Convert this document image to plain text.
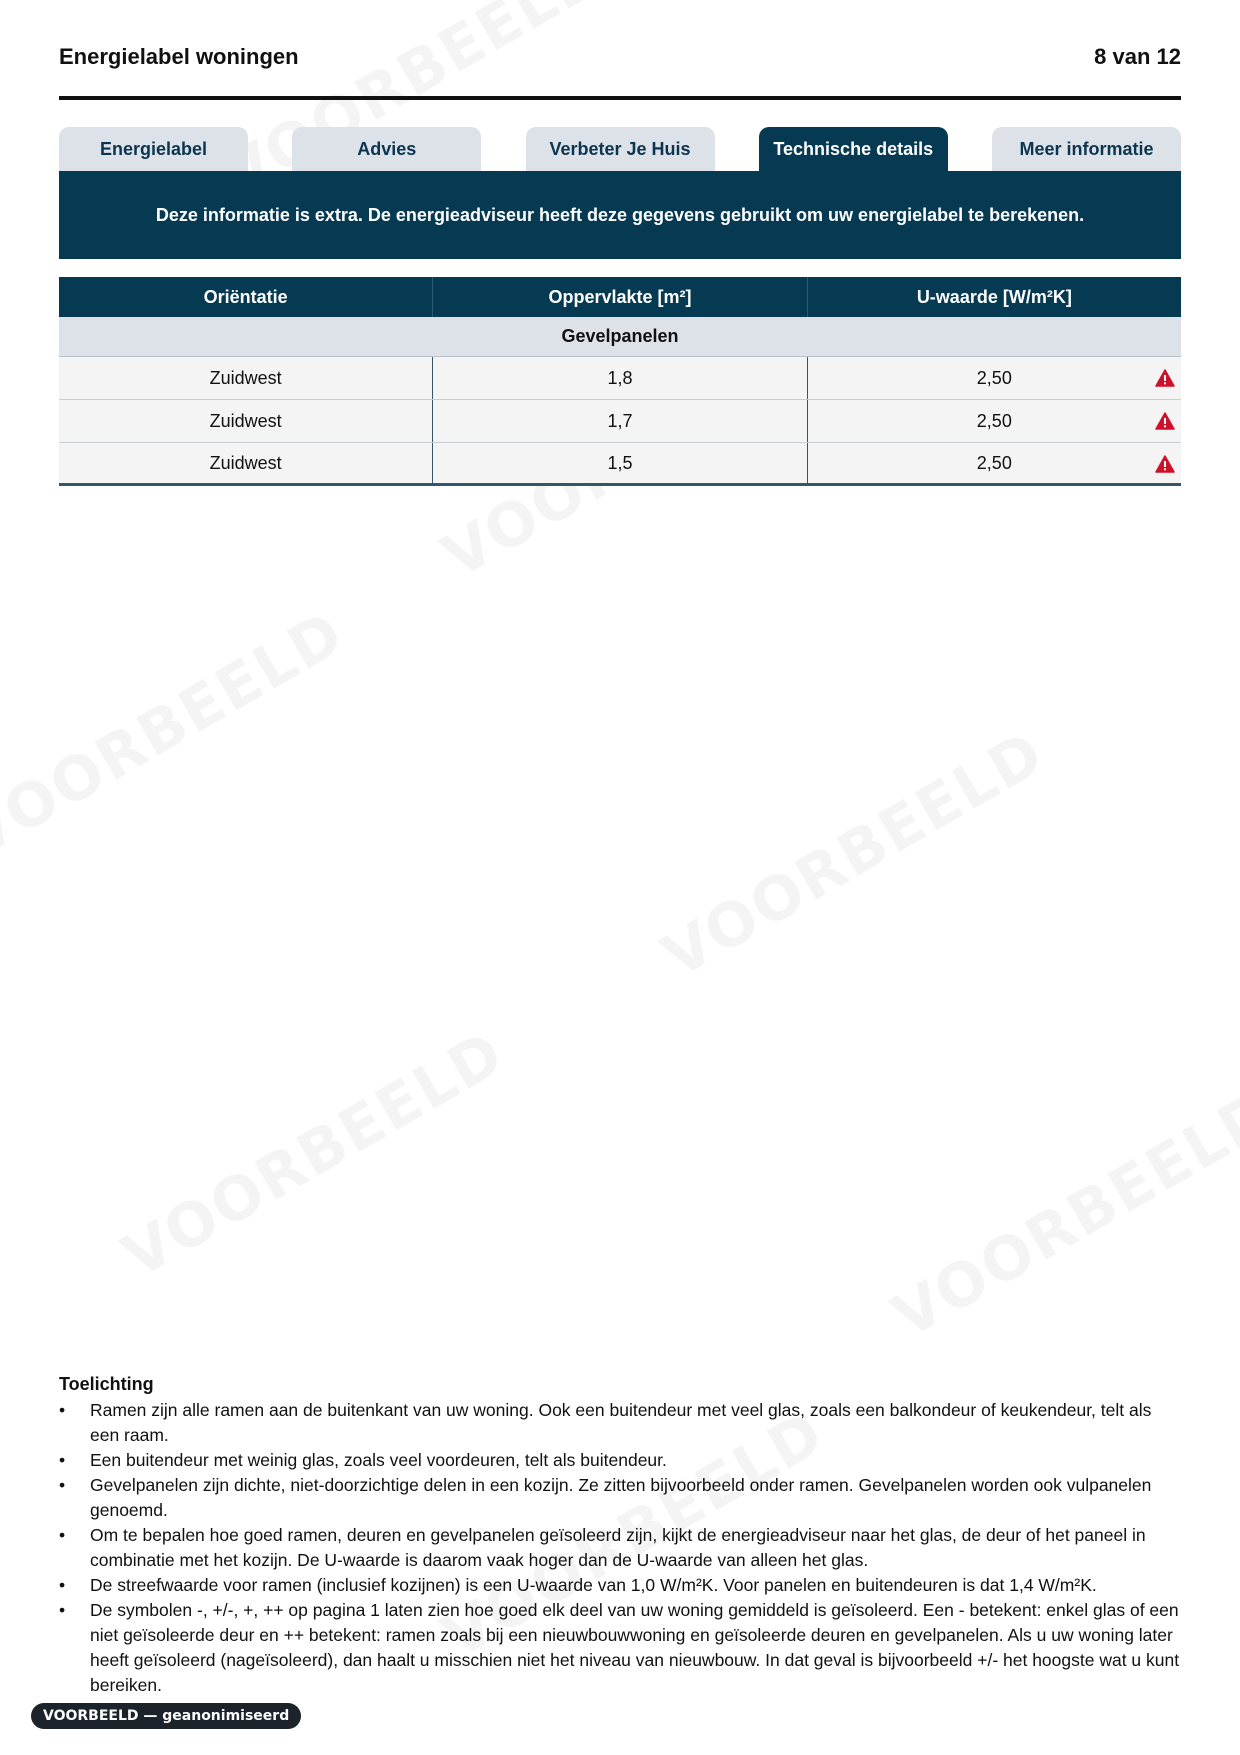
Energielabel woningen	8 van 12
Energielabel	Advies	Verbeter Je Huis	Technische details	Meer informatie
Deze informatie is extra. De energieadviseur heeft deze gegevens gebruikt om uw energielabel te berekenen.
Oriëntatie	Oppervlakte [m²]	U-waarde [W/m²K]
Gevelpanelen
Zuidwest	1,8	2,50
Zuidwest	1,7	2,50
Zuidwest	1,5	2,50
Toelichting
• Ramen zijn alle ramen aan de buitenkant van uw woning. Ook een buitendeur met veel glas, zoals een balkondeur of keukendeur, telt als een raam.
• Een buitendeur met weinig glas, zoals veel voordeuren, telt als buitendeur.
• Gevelpanelen zijn dichte, niet-doorzichtige delen in een kozijn. Ze zitten bijvoorbeeld onder ramen. Gevelpanelen worden ook vulpanelen genoemd.
• Om te bepalen hoe goed ramen, deuren en gevelpanelen geïsoleerd zijn, kijkt de energieadviseur naar het glas, de deur of het paneel in combinatie met het kozijn. De U-waarde is daarom vaak hoger dan de U-waarde van alleen het glas.
• De streefwaarde voor ramen (inclusief kozijnen) is een U-waarde van 1,0 W/m²K. Voor panelen en buitendeuren is dat 1,4 W/m²K.
• De symbolen -, +/-, +, ++ op pagina 1 laten zien hoe goed elk deel van uw woning gemiddeld is geïsoleerd. Een - betekent: enkel glas of een niet geïsoleerde deur en ++ betekent: ramen zoals bij een nieuwbouwwoning en geïsoleerde deuren en gevelpanelen. Als u uw woning later heeft geïsoleerd (nageïsoleerd), dan haalt u misschien niet het niveau van nieuwbouw. In dat geval is bijvoorbeeld +/- het hoogste wat u kunt bereiken.
VOORBEELD — geanonimiseerd
